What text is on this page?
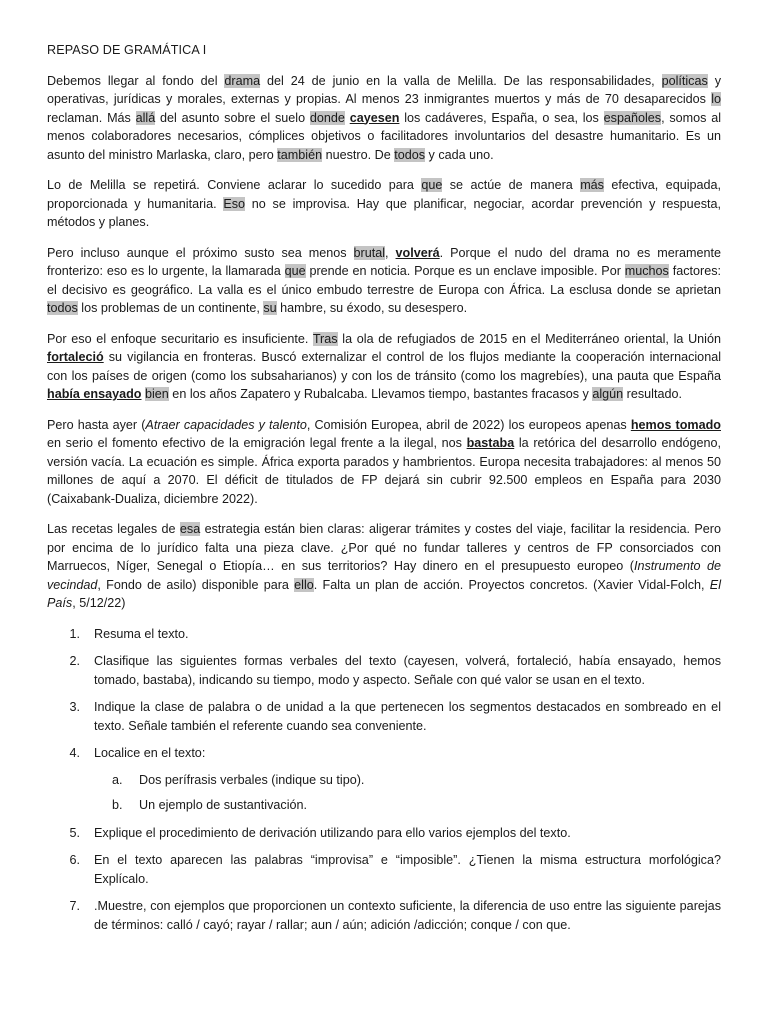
REPASO DE GRAMÁTICA I

Debemos llegar al fondo del drama del 24 de junio en la valla de Melilla. De las responsabilidades, políticas y operativas, jurídicas y morales, externas y propias. Al menos 23 inmigrantes muertos y más de 70 desaparecidos lo reclaman. Más allá del asunto sobre el suelo donde cayesen los cadáveres, España, o sea, los españoles, somos al menos colaboradores necesarios, cómplices objetivos o facilitadores involuntarios del desastre humanitario. Es un asunto del ministro Marlaska, claro, pero también nuestro. De todos y cada uno.

Lo de Melilla se repetirá. Conviene aclarar lo sucedido para que se actúe de manera más efectiva, equipada, proporcionada y humanitaria. Eso no se improvisa. Hay que planificar, negociar, acordar prevención y respuesta, métodos y planes.

Pero incluso aunque el próximo susto sea menos brutal, volverá. Porque el nudo del drama no es meramente fronterizo: eso es lo urgente, la llamarada que prende en noticia. Porque es un enclave imposible. Por muchos factores: el decisivo es geográfico. La valla es el único embudo terrestre de Europa con África. La esclusa donde se aprietan todos los problemas de un continente, su hambre, su éxodo, su desespero.

Por eso el enfoque securitario es insuficiente. Tras la ola de refugiados de 2015 en el Mediterráneo oriental, la Unión fortaleció su vigilancia en fronteras. Buscó externalizar el control de los flujos mediante la cooperación internacional con los países de origen (como los subsaharianos) y con los de tránsito (como los magrebíes), una pauta que España había ensayado bien en los años Zapatero y Rubalcaba. Llevamos tiempo, bastantes fracasos y algún resultado.

Pero hasta ayer (Atraer capacidades y talento, Comisión Europea, abril de 2022) los europeos apenas hemos tomado en serio el fomento efectivo de la emigración legal frente a la ilegal, nos bastaba la retórica del desarrollo endógeno, versión vacía. La ecuación es simple. África exporta parados y hambrientos. Europa necesita trabajadores: al menos 50 millones de aquí a 2070. El déficit de titulados de FP dejará sin cubrir 92.500 empleos en España para 2030 (Caixabank-Dualiza, diciembre 2022).

Las recetas legales de esa estrategia están bien claras: aligerar trámites y costes del viaje, facilitar la residencia. Pero por encima de lo jurídico falta una pieza clave. ¿Por qué no fundar talleres y centros de FP consorciados con Marruecos, Níger, Senegal o Etiopía… en sus territorios? Hay dinero en el presupuesto europeo (Instrumento de vecindad, Fondo de asilo) disponible para ello. Falta un plan de acción. Proyectos concretos. (Xavier Vidal-Folch, El País, 5/12/22)

1. Resuma el texto.
2. Clasifique las siguientes formas verbales del texto (cayesen, volverá, fortaleció, había ensayado, hemos tomado, bastaba), indicando su tiempo, modo y aspecto. Señale con qué valor se usan en el texto.
3. Indique la clase de palabra o de unidad a la que pertenecen los segmentos destacados en sombreado en el texto. Señale también el referente cuando sea conveniente.
4. Localice en el texto:
a. Dos perífrasis verbales (indique su tipo).
b. Un ejemplo de sustantivación.
5. Explique el procedimiento de derivación utilizando para ello varios ejemplos del texto.
6. En el texto aparecen las palabras “improvisa” e “imposible”. ¿Tienen la misma estructura morfológica? Explícalo.
7. .Muestre, con ejemplos que proporcionen un contexto suficiente, la diferencia de uso entre las siguiente parejas de términos: calló / cayó; rayar / rallar; aun / aún; adición /adicción; conque / con que.
